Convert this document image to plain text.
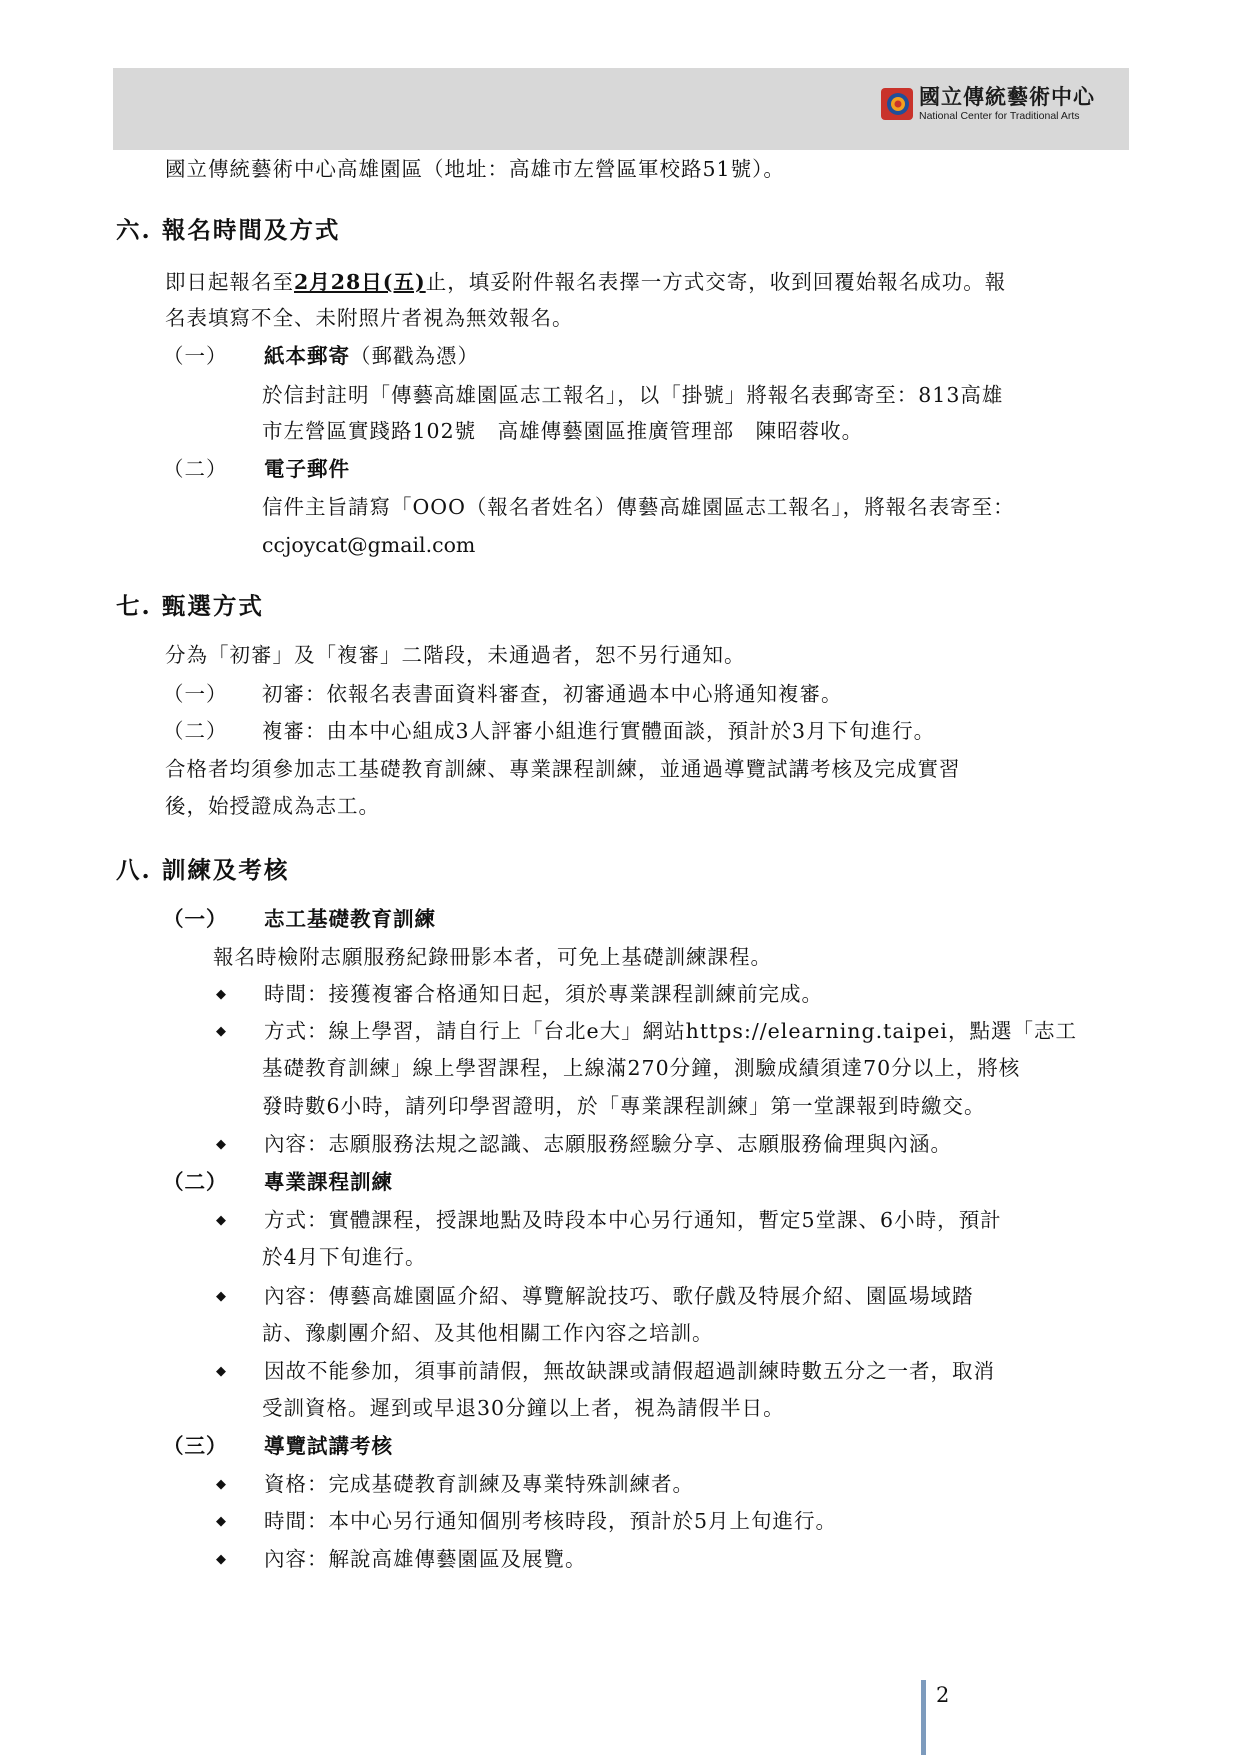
國立傳統藝術中心
National Center for Traditional Arts
國立傳統藝術中心高雄園區（地址：高雄市左營區軍校路51號）。
六. 報名時間及方式
即日起報名至2月28日(五)止，填妥附件報名表擇一方式交寄，收到回覆始報名成功。報
名表填寫不全、未附照片者視為無效報名。
（一） 紙本郵寄（郵戳為憑）
於信封註明「傳藝高雄園區志工報名」，以「掛號」將報名表郵寄至：813高雄
市左營區實踐路102號　高雄傳藝園區推廣管理部　陳昭蓉收。
（二） 電子郵件
信件主旨請寫「OOO（報名者姓名）傳藝高雄園區志工報名」，將報名表寄至：
ccjoycat@gmail.com
七. 甄選方式
分為「初審」及「複審」二階段，未通過者，恕不另行通知。
（一） 初審：依報名表書面資料審查，初審通過本中心將通知複審。
（二） 複審：由本中心組成3人評審小組進行實體面談，預計於3月下旬進行。
合格者均須參加志工基礎教育訓練、專業課程訓練，並通過導覽試講考核及完成實習
後，始授證成為志工。
八. 訓練及考核
（一） 志工基礎教育訓練
報名時檢附志願服務紀錄冊影本者，可免上基礎訓練課程。
◆ 時間：接獲複審合格通知日起，須於專業課程訓練前完成。
◆ 方式：線上學習，請自行上「台北e大」網站https://elearning.taipei，點選「志工
基礎教育訓練」線上學習課程，上線滿270分鐘，測驗成績須達70分以上，將核
發時數6小時，請列印學習證明，於「專業課程訓練」第一堂課報到時繳交。
◆ 內容：志願服務法規之認識、志願服務經驗分享、志願服務倫理與內涵。
（二） 專業課程訓練
◆ 方式：實體課程，授課地點及時段本中心另行通知，暫定5堂課、6小時，預計
於4月下旬進行。
◆ 內容：傳藝高雄園區介紹、導覽解說技巧、歌仔戲及特展介紹、園區場域踏
訪、豫劇團介紹、及其他相關工作內容之培訓。
◆ 因故不能參加，須事前請假，無故缺課或請假超過訓練時數五分之一者，取消
受訓資格。遲到或早退30分鐘以上者，視為請假半日。
（三） 導覽試講考核
◆ 資格：完成基礎教育訓練及專業特殊訓練者。
◆ 時間：本中心另行通知個別考核時段，預計於5月上旬進行。
◆ 內容：解說高雄傳藝園區及展覽。
2
